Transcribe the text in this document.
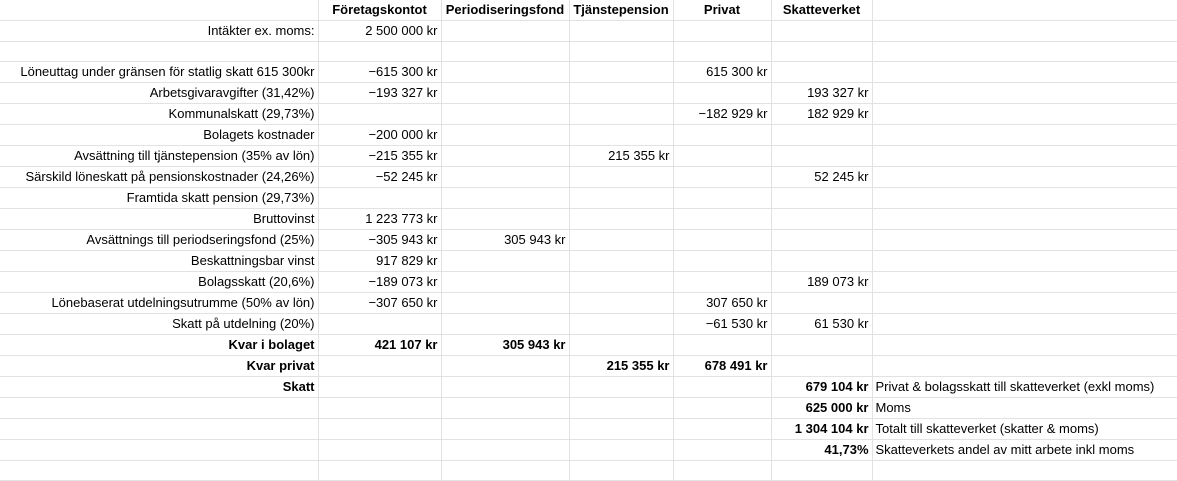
	Företagskontot	Periodiseringsfond	Tjänstepension	Privat	Skatteverket	
Intäkter ex. moms:	2 500 000 kr					

Löneuttag under gränsen för statlig skatt 615 300kr	−615 300 kr			615 300 kr		
Arbetsgivaravgifter (31,42%)	−193 327 kr				193 327 kr	
Kommunalskatt (29,73%)				−182 929 kr	182 929 kr	
Bolagets kostnader	−200 000 kr					
Avsättning till tjänstepension (35% av lön)	−215 355 kr		215 355 kr			
Särskild löneskatt på pensionskostnader (24,26%)	−52 245 kr				52 245 kr	
Framtida skatt pension (29,73%)						
Bruttovinst	1 223 773 kr					
Avsättnings till periodseringsfond (25%)	−305 943 kr	305 943 kr				
Beskattningsbar vinst	917 829 kr					
Bolagsskatt (20,6%)	−189 073 kr				189 073 kr	
Lönebaserat utdelningsutrumme (50% av lön)	−307 650 kr			307 650 kr		
Skatt på utdelning (20%)				−61 530 kr	61 530 kr	
Kvar i bolaget	421 107 kr	305 943 kr				
Kvar privat			215 355 kr	678 491 kr		
Skatt					679 104 kr	Privat & bolagsskatt till skatteverket (exkl moms)
					625 000 kr	Moms
					1 304 104 kr	Totalt till skatteverket (skatter & moms)
					41,73%	Skatteverkets andel av mitt arbete inkl moms
